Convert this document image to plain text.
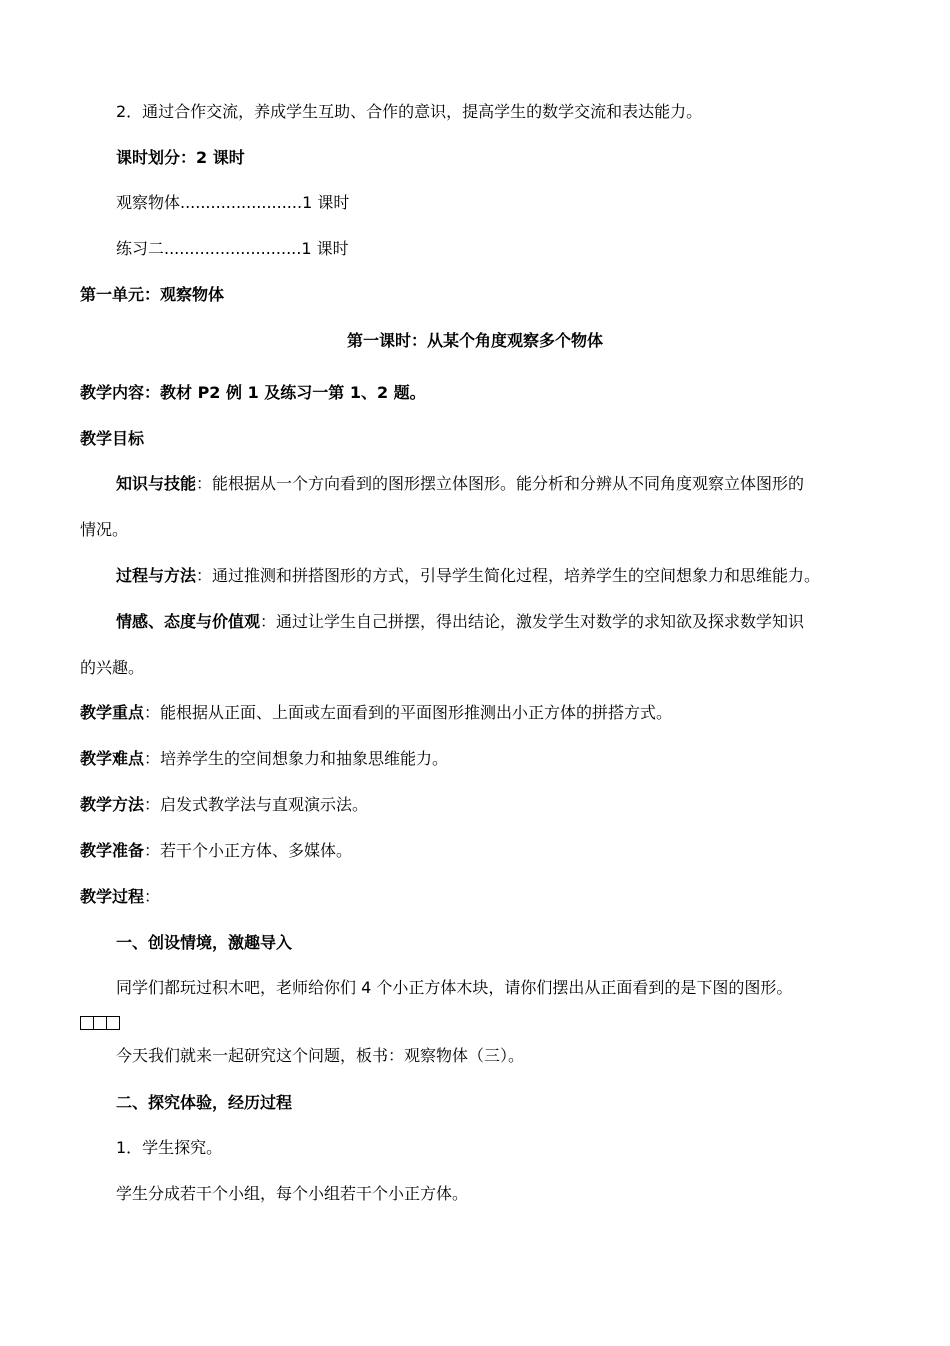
2．通过合作交流，养成学生互助、合作的意识，提高学生的数学交流和表达能力。
课时划分：2 课时
观察物体........................1 课时
练习二...........................1 课时
第一单元：观察物体
第一课时：从某个角度观察多个物体
教学内容：教材 P2 例 1 及练习一第 1、2 题。
教学目标
知识与技能：能根据从一个方向看到的图形摆立体图形。能分析和分辨从不同角度观察立体图形的
情况。
过程与方法：通过推测和拼搭图形的方式，引导学生简化过程，培养学生的空间想象力和思维能力。
情感、态度与价值观：通过让学生自己拼摆，得出结论，激发学生对数学的求知欲及探求数学知识
的兴趣。
教学重点：能根据从正面、上面或左面看到的平面图形推测出小正方体的拼搭方式。
教学难点：培养学生的空间想象力和抽象思维能力。
教学方法：启发式教学法与直观演示法。
教学准备：若干个小正方体、多媒体。
教学过程：
一、创设情境，激趣导入
同学们都玩过积木吧，老师给你们 4 个小正方体木块，请你们摆出从正面看到的是下图的图形。
今天我们就来一起研究这个问题，板书：观察物体（三）。
二、探究体验，经历过程
1．学生探究。
学生分成若干个小组，每个小组若干个小正方体。
